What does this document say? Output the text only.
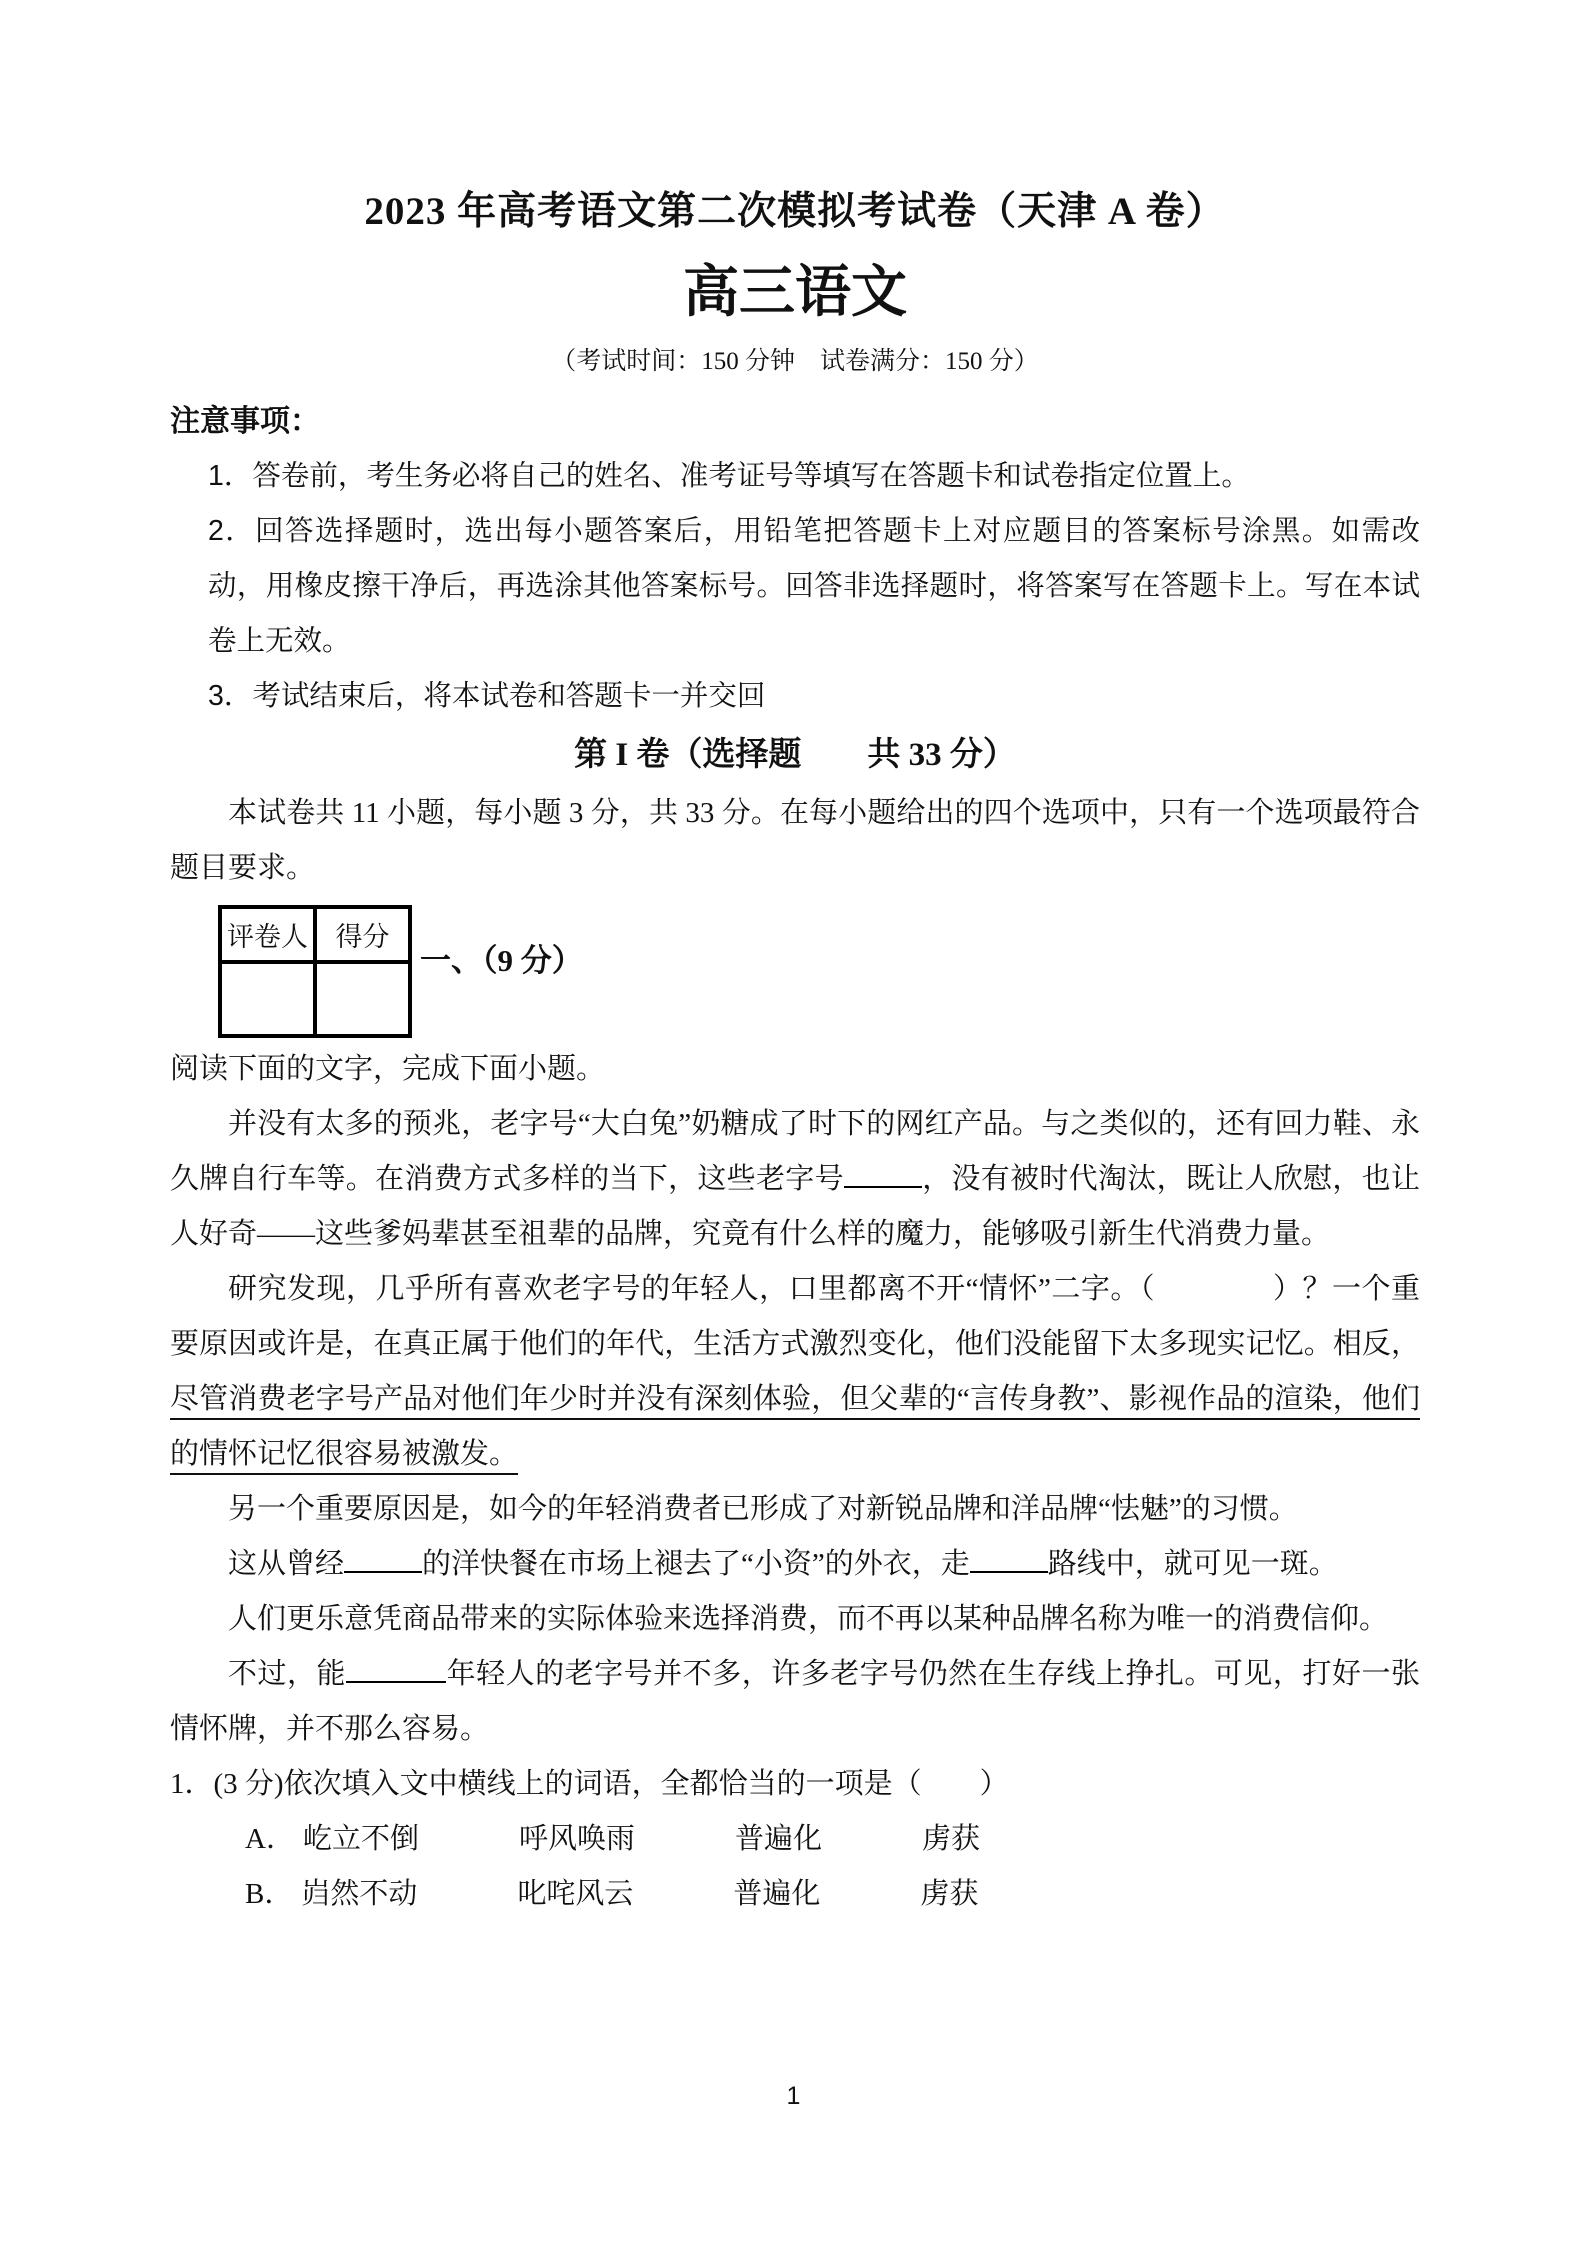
2023 年高考语文第二次模拟考试卷（天津 A 卷）
高三语文
（考试时间：150 分钟　试卷满分：150 分）
注意事项：
1．答卷前，考生务必将自己的姓名、准考证号等填写在答题卡和试卷指定位置上。
2．回答选择题时，选出每小题答案后，用铅笔把答题卡上对应题目的答案标号涂黑。如需改动，用橡皮擦干净后，再选涂其他答案标号。回答非选择题时，将答案写在答题卡上。写在本试卷上无效。
3．考试结束后，将本试卷和答题卡一并交回
第 I 卷（选择题　　共 33 分）

本试卷共 11 小题，每小题 3 分，共 33 分。在每小题给出的四个选项中，只有一个选项最符合题目要求。

评卷人	得分

一、（9 分）

阅读下面的文字，完成下面小题。

并没有太多的预兆，老字号“大白兔”奶糖成了时下的网红产品。与之类似的，还有回力鞋、永久牌自行车等。在消费方式多样的当下，这些老字号	，没有被时代淘汰，既让人欣慰，也让人好奇——这些爹妈辈甚至祖辈的品牌，究竟有什么样的魔力，能够吸引新生代消费力量。

研究发现，几乎所有喜欢老字号的年轻人，口里都离不开“情怀”二字。（　　　　）？一个重要原因或许是，在真正属于他们的年代，生活方式激烈变化，他们没能留下太多现实记忆。相反，尽管消费老字号产品对他们年少时并没有深刻体验，但父辈的“言传身教”、影视作品的渲染，他们的情怀记忆很容易被激发。

另一个重要原因是，如今的年轻消费者已形成了对新锐品牌和洋品牌“怯魅”的习惯。

这从曾经	的洋快餐在市场上褪去了“小资”的外衣，走	路线中，就可见一斑。

人们更乐意凭商品带来的实际体验来选择消费，而不再以某种品牌名称为唯一的消费信仰。

不过，能	年轻人的老字号并不多，许多老字号仍然在生存线上挣扎。可见，打好一张情怀牌，并不那么容易。

1．(3 分)依次填入文中横线上的词语，全都恰当的一项是（　　）

A． 屹立不倒	呼风唤雨	普遍化	虏获
B． 岿然不动	叱咤风云	普遍化	虏获
1
